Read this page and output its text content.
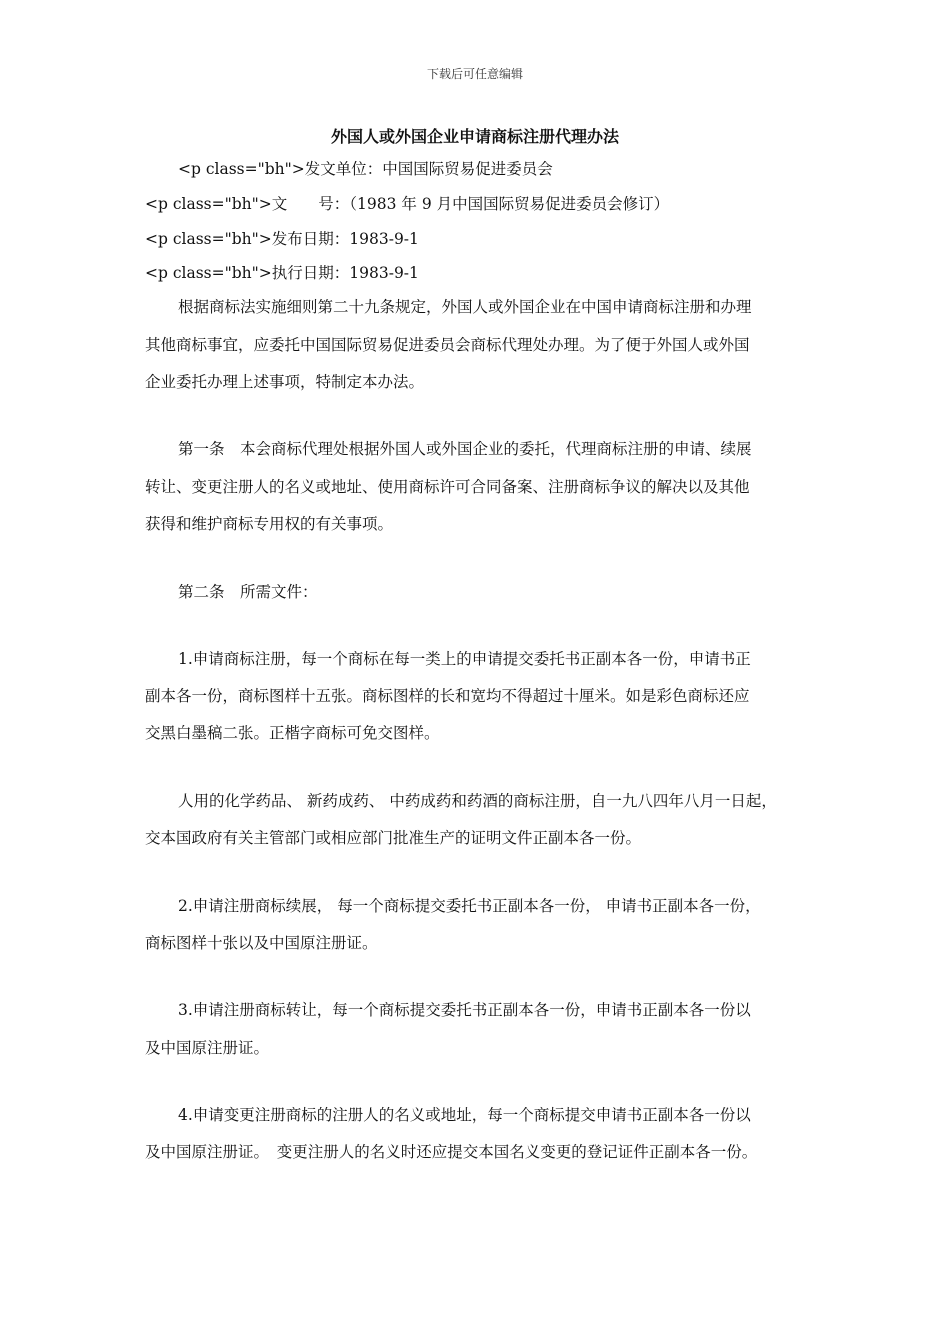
下载后可任意编辑
外国人或外国企业申请商标注册代理办法
<p class="bh">发文单位：中国国际贸易促进委员会
<p class="bh">文　　号：（1983 年 9 月中国国际贸易促进委员会修订）
<p class="bh">发布日期：1983-9-1
<p class="bh">执行日期：1983-9-1
根据商标法实施细则第二十九条规定，外国人或外国企业在中国申请商标注册和办理
其他商标事宜，应委托中国国际贸易促进委员会商标代理处办理。为了便于外国人或外国
企业委托办理上述事项，特制定本办法。
第一条　本会商标代理处根据外国人或外国企业的委托，代理商标注册的申请、续展
转让、变更注册人的名义或地址、使用商标许可合同备案、注册商标争议的解决以及其他
获得和维护商标专用权的有关事项。
第二条　所需文件：
1.申请商标注册，每一个商标在每一类上的申请提交委托书正副本各一份，申请书正
副本各一份，商标图样十五张。商标图样的长和宽均不得超过十厘米。如是彩色商标还应
交黑白墨稿二张。正楷字商标可免交图样。
人用的化学药品、 新药成药、 中药成药和药酒的商标注册，自一九八四年八月一日起，
交本国政府有关主管部门或相应部门批准生产的证明文件正副本各一份。
2.申请注册商标续展， 每一个商标提交委托书正副本各一份， 申请书正副本各一份，
商标图样十张以及中国原注册证。
3.申请注册商标转让，每一个商标提交委托书正副本各一份，申请书正副本各一份以
及中国原注册证。
4.申请变更注册商标的注册人的名义或地址，每一个商标提交申请书正副本各一份以
及中国原注册证。　变更注册人的名义时还应提交本国名义变更的登记证件正副本各一份。
